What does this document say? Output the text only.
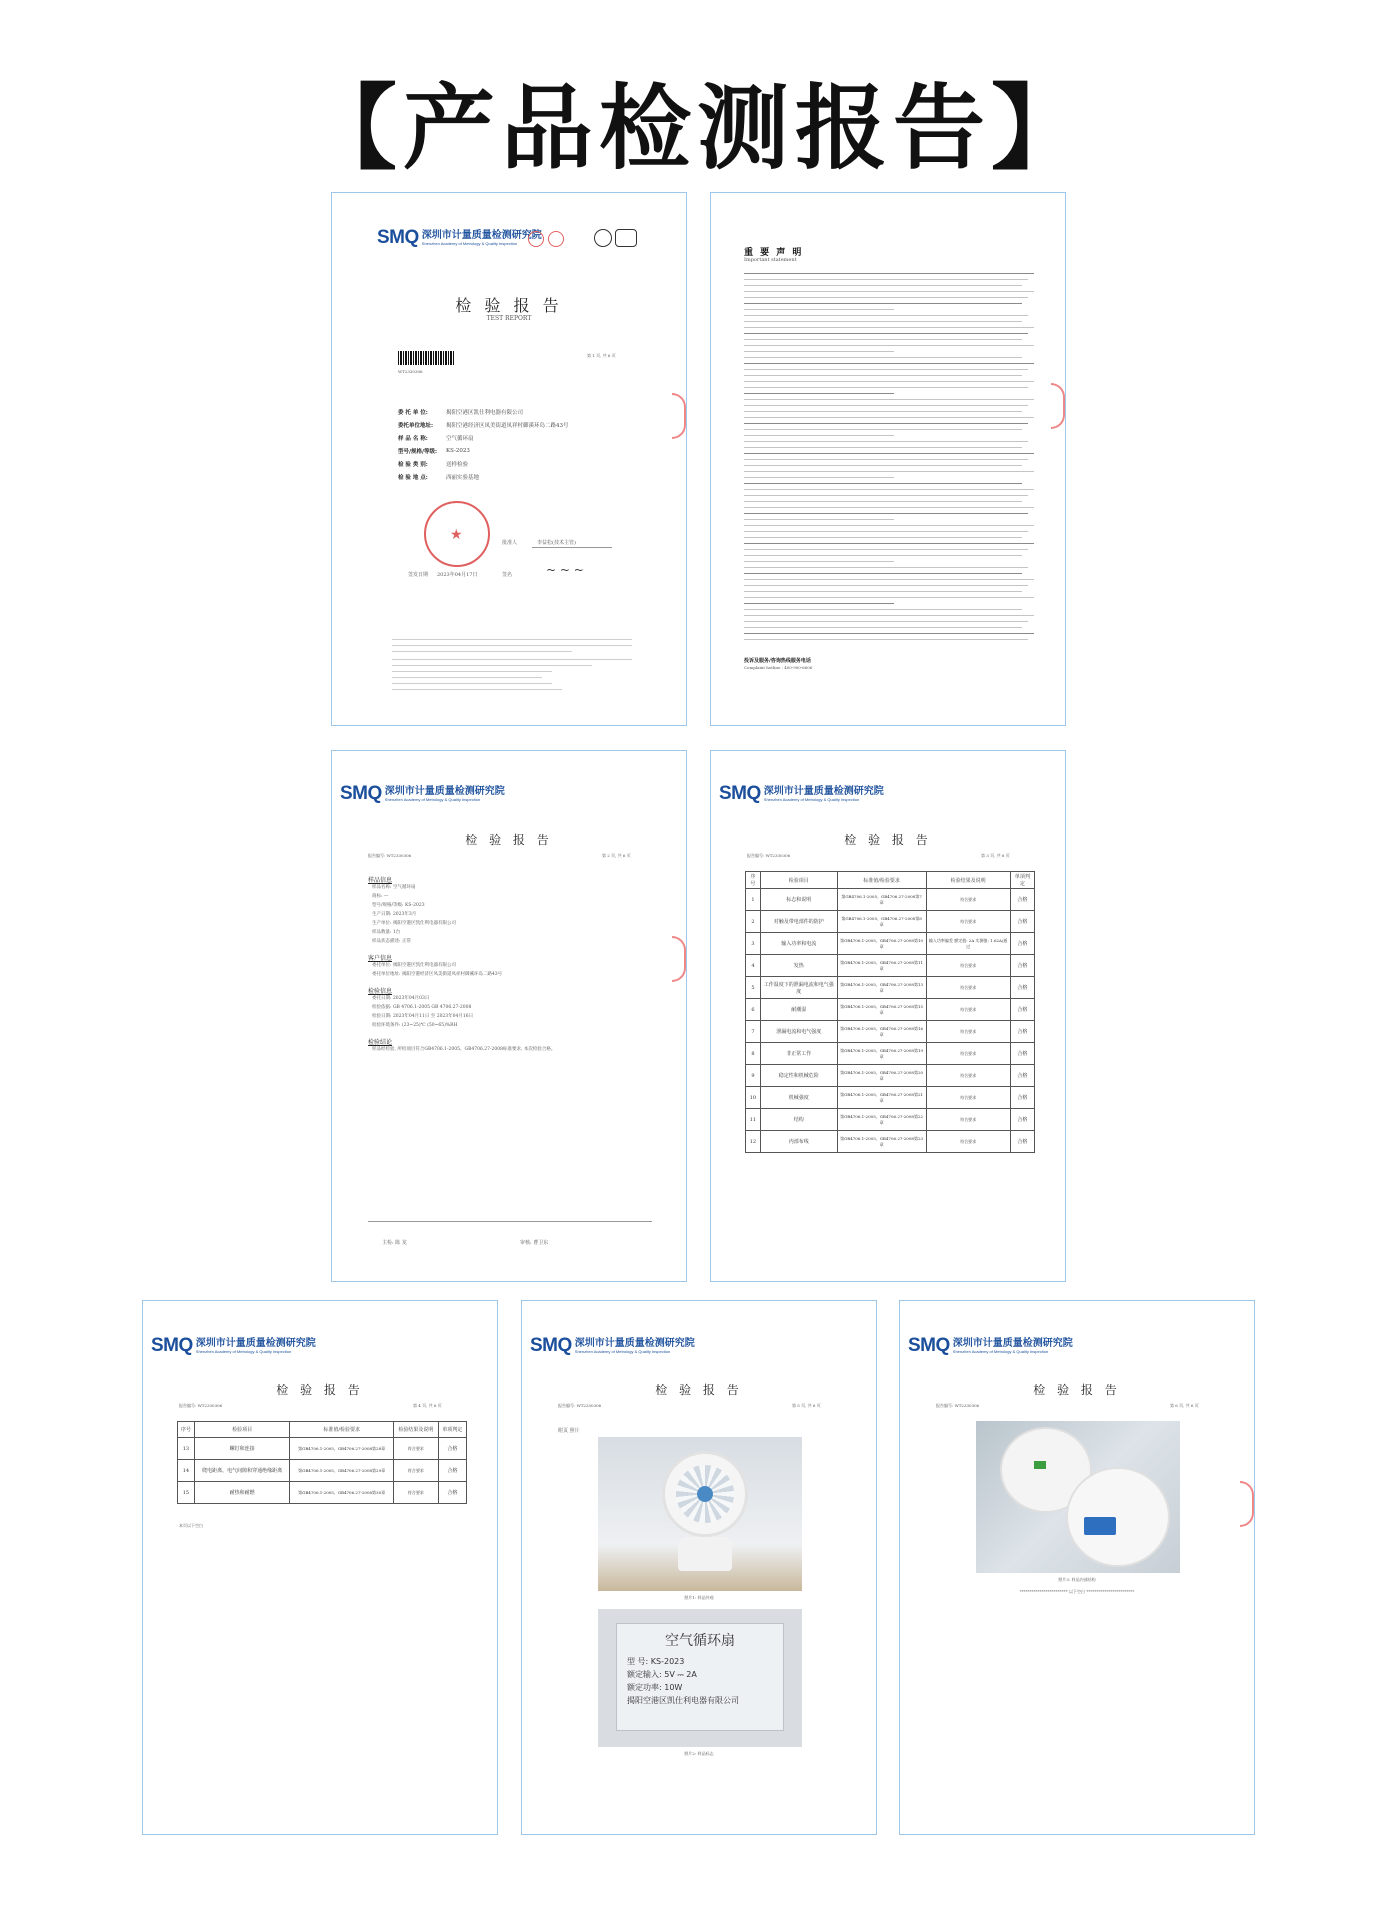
【产品检测报告】
SMQ 深圳市计量质量检测研究院
Shenzhen Academy of Metrology & Quality Inspection
检 验 报 告
TEST REPORT
WT2330306
第 1 页, 共 6 页
委 托 单 位:	揭阳空港区凯仕利电器有限公司
委托单位地址:	揭阳空港经济区凤美街道凤祥村御溪环岛二路43号
样 品 名 称:	空气循环扇
型号/规格/等级:	KS-2023
检 验 类 别:	送样检验
检 验 地 点:	西丽实验基地
★	批准人	李益松(技术主管)
签发日期 2023年04月17日	签名	~ ~ ~
重 要 声 明
Important statement
投诉及服务/咨询热线服务电话
Complaint hotline : 400-900-6606
SMQ 深圳市计量质量检测研究院
Shenzhen Academy of Metrology & Quality Inspection
检 验 报 告
报告编号: WT2330306	第 2 页, 共 6 页
样品信息
样品名称: 空气循环扇
商标: —
型号/规格/等级: KS-2023
生产日期: 2023年3月
生产单位: 揭阳空港区凯仕利电器有限公司
样品数量: 1台
样品状态描述: 正常
客户信息
委托单位: 揭阳空港区凯仕利电器有限公司
委托单位地址: 揭阳空港经济区凤美街道凤祥村御溪环岛二路43号
检验信息
委托日期: 2023年04月03日
检验依据: GB 4706.1-2005 GB 4706.27-2008
检验日期: 2023年04月11日 至 2023年04月16日
检验环境条件: (23~25)℃ (50~65)%RH
检验结论
样品经检验, 所检项目符合GB4706.1-2005、GB4706.27-2008标准要求, 本次检验合格。
主检: 陈 龙	审核: 曹卫东
SMQ 深圳市计量质量检测研究院
Shenzhen Academy of Metrology & Quality Inspection
检 验 报 告
报告编号: WT2330306	第 3 页, 共 6 页
序号	检验项目	标准值/检验要求	检验结果及说明	单项判定
1	标志和说明	第GB4706.1-2005、GB4706.27-2008第7章	符合要求	合格
2	对触及带电部件的防护	第GB4706.1-2005、GB4706.27-2008第8章	符合要求	合格
3	输入功率和电流	第GB4706.1-2005、GB4706.27-2008第10章	输入功率偏差 额定值: 2A 实测值: 1.62A/通过	合格
4	发热	第GB4706.1-2005、GB4706.27-2008第11章	符合要求	合格
5	工作温度下的泄漏电流和电气强度	第GB4706.1-2005、GB4706.27-2008第13章	符合要求	合格
6	耐潮湿	第GB4706.1-2005、GB4706.27-2008第15章	符合要求	合格
7	泄漏电流和电气强度	第GB4706.1-2005、GB4706.27-2008第16章	符合要求	合格
8	非正常工作	第GB4706.1-2005、GB4706.27-2008第19章	符合要求	合格
9	稳定性和机械危险	第GB4706.1-2005、GB4706.27-2008第20章	符合要求	合格
10	机械强度	第GB4706.1-2005、GB4706.27-2008第21章	符合要求	合格
11	结构	第GB4706.1-2005、GB4706.27-2008第22章	符合要求	合格
12	内部布线	第GB4706.1-2005、GB4706.27-2008第23章	符合要求	合格
SMQ 深圳市计量质量检测研究院
Shenzhen Academy of Metrology & Quality Inspection
检 验 报 告
报告编号: WT2330306	第 4 页, 共 6 页
序号	检验项目	标准值/检验要求	检验结果及说明	单项判定
13	螺钉和连接	第GB4706.1-2005、GB4706.27-2008第28章	符合要求	合格
14	爬电距离、电气间隙和穿通绝缘距离	第GB4706.1-2005、GB4706.27-2008第29章	符合要求	合格
15	耐热和耐燃	第GB4706.1-2005、GB4706.27-2008第30章	符合要求	合格
本页以下空白
SMQ 深圳市计量质量检测研究院
Shenzhen Academy of Metrology & Quality Inspection
检 验 报 告
报告编号: WT2330306	第 5 页, 共 6 页
附页 照片
照片1: 样品外观
空气循环扇
型 号: KS-2023
额定输入: 5V ⎓ 2A
额定功率: 10W
揭阳空港区凯仕利电器有限公司
照片2: 样品标志
SMQ 深圳市计量质量检测研究院
Shenzhen Academy of Metrology & Quality Inspection
检 验 报 告
报告编号: WT2330306	第 6 页, 共 6 页
照片3: 样品内部结构
************************ 以下空白 ************************
